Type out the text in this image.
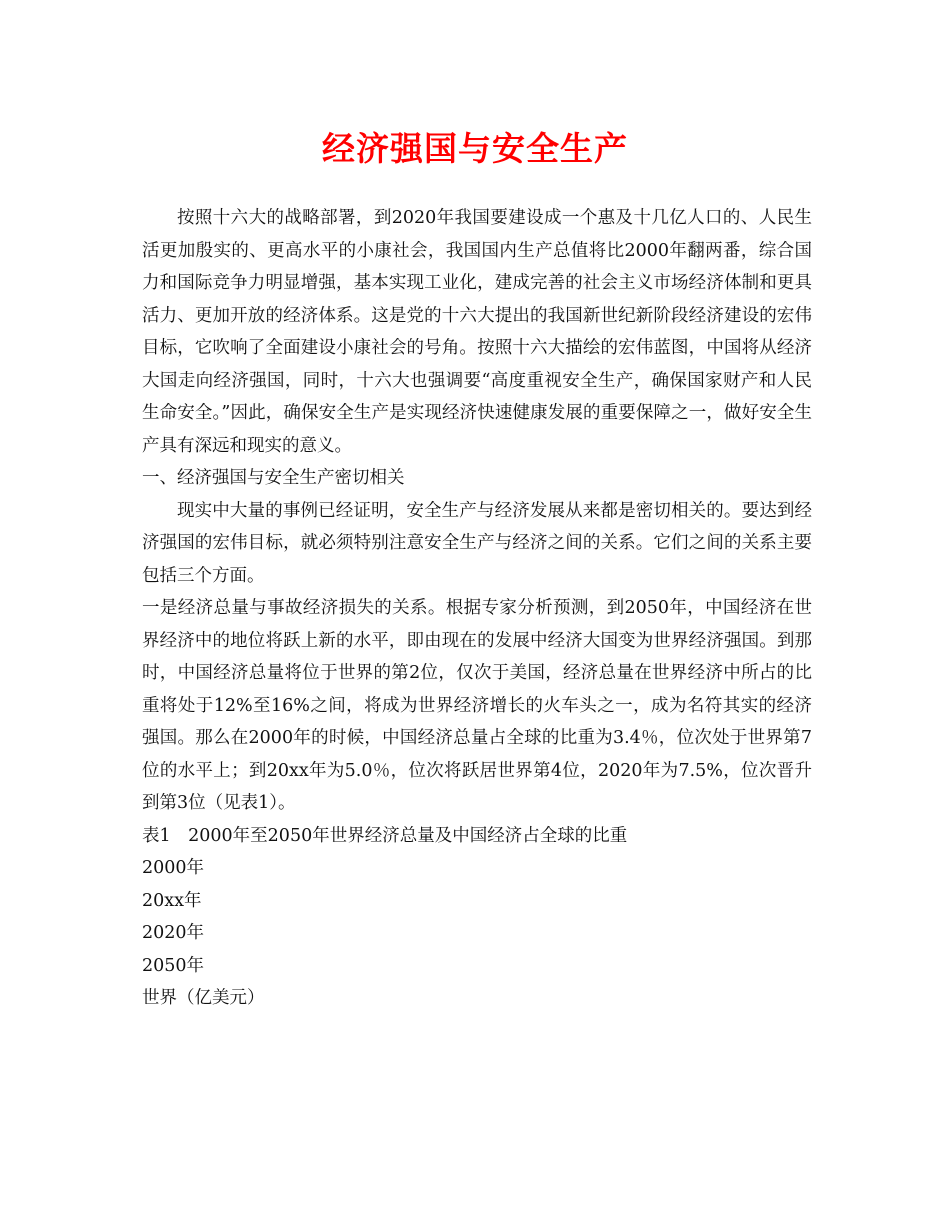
经济强国与安全生产

按照十六大的战略部署，到2020年我国要建设成一个惠及十几亿人口的、人民生活更加殷实的、更高水平的小康社会，我国国内生产总值将比2000年翻两番，综合国力和国际竞争力明显增强，基本实现工业化，建成完善的社会主义市场经济体制和更具活力、更加开放的经济体系。这是党的十六大提出的我国新世纪新阶段经济建设的宏伟目标，它吹响了全面建设小康社会的号角。按照十六大描绘的宏伟蓝图，中国将从经济大国走向经济强国，同时，十六大也强调要“高度重视安全生产，确保国家财产和人民生命安全。”因此，确保安全生产是实现经济快速健康发展的重要保障之一，做好安全生产具有深远和现实的意义。

一、经济强国与安全生产密切相关

现实中大量的事例已经证明，安全生产与经济发展从来都是密切相关的。要达到经济强国的宏伟目标，就必须特别注意安全生产与经济之间的关系。它们之间的关系主要包括三个方面。

一是经济总量与事故经济损失的关系。根据专家分析预测，到2050年，中国经济在世界经济中的地位将跃上新的水平，即由现在的发展中经济大国变为世界经济强国。到那时，中国经济总量将位于世界的第2位，仅次于美国，经济总量在世界经济中所占的比重将处于12%至16%之间，将成为世界经济增长的火车头之一，成为名符其实的经济强国。那么在2000年的时候，中国经济总量占全球的比重为3.4％，位次处于世界第7位的水平上；到20xx年为5.0％，位次将跃居世界第4位，2020年为7.5%，位次晋升到第3位（见表1）。

表1　2000年至2050年世界经济总量及中国经济占全球的比重

2000年

20xx年

2020年

2050年

世界（亿美元）
